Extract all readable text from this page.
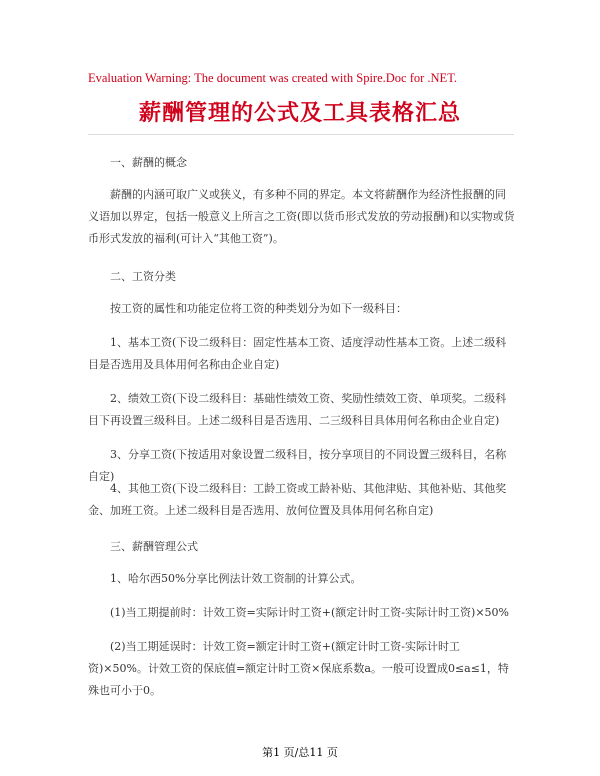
Evaluation Warning: The document was created with Spire.Doc for .NET.
薪酬管理的公式及工具表格汇总
一、薪酬的概念
薪酬的内涵可取广义或狭义，有多种不同的界定。本文将薪酬作为经济性报酬的同义语加以界定，包括一般意义上所言之工资(即以货币形式发放的劳动报酬)和以实物或货币形式发放的福利(可计入“其他工资”)。
二、工资分类
按工资的属性和功能定位将工资的种类划分为如下一级科目：
1、基本工资(下设二级科目：固定性基本工资、适度浮动性基本工资。上述二级科目是否选用及具体用何名称由企业自定)
2、绩效工资(下设二级科目：基础性绩效工资、奖励性绩效工资、单项奖。二级科目下再设置三级科目。上述二级科目是否选用、二三级科目具体用何名称由企业自定)
3、分享工资(下按适用对象设置二级科目，按分享项目的不同设置三级科目，名称自定)
4、其他工资(下设二级科目：工龄工资或工龄补贴、其他津贴、其他补贴、其他奖金、加班工资。上述二级科目是否选用、放何位置及具体用何名称自定)
三、薪酬管理公式
1、哈尔西50%分享比例法计效工资制的计算公式。
(1)当工期提前时：计效工资=实际计时工资+(额定计时工资-实际计时工资)×50%
(2)当工期延误时：计效工资=额定计时工资+(额定计时工资-实际计时工资)×50%。计效工资的保底值=额定计时工资×保底系数a。一般可设置成0≤a≤1，特殊也可小于0。
第1 页/总11 页
